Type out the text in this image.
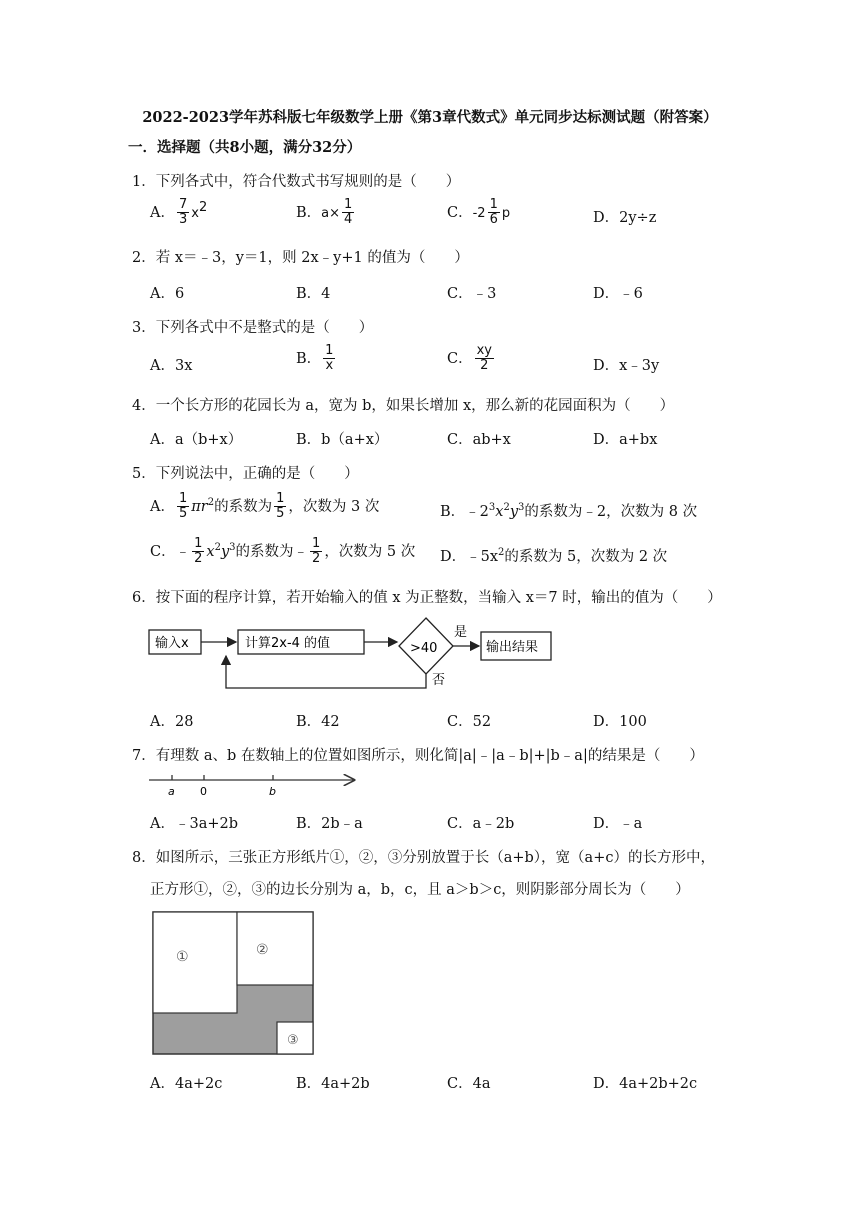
2022-2023学年苏科版七年级数学上册《第3章代数式》单元同步达标测试题（附答案）
一．选择题（共8小题，满分32分）
1．下列各式中，符合代数式书写规则的是（　　）
A． $\frac{7}{3} x^2$	B．$a\times \frac{1}{4}$	C．$-2 \frac{1}{6}$ p	D．2y÷z
2．若 x＝﹣3，y＝1，则 2x﹣y+1 的值为（　　）
A．6	B．4	C．﹣3	D．﹣6
3．下列各式中不是整式的是（　　）
A．3x	B． $\frac{1}{x}$	C． $\frac{xy}{2}$	D．x﹣3y
4．一个长方形的花园长为 a，宽为 b，如果长增加 x，那么新的花园面积为（　　）
A．a（b+x）	B．b（a+x）	C．ab+x	D．a+bx
5．下列说法中，正确的是（　　）
A． $\frac{1}{5} \pi r^2$的系数为 $\frac{1}{5}$ ，次数为 3 次	B．$﹣2^3x^2y^3$的系数为﹣2，次数为 8 次
C．﹣ $\frac{1}{2} x^2y^3$的系数为﹣ $\frac{1}{2}$ ，次数为 5 次 D．$﹣5x^2$的系数为 5，次数为 2 次
6．按下面的程序计算，若开始输入的值 x 为正整数，当输入 x＝7 时，输出的值为（　　）
输入x	计算2x-4 的值	>40
是
输出结果
否
A．28	B．42	C．52	D．100
7．有理数 a、b 在数轴上的位置如图所示，则化简|a|﹣|a﹣b|+|b﹣a|的结果是（　　）
a 0	b
A．﹣3a+2b	B．2b﹣a	C．a﹣2b	D．﹣a
8．如图所示，三张正方形纸片①，②，③分别放置于长（a+b），宽（a+c）的长方形中，
正方形①，②，③的边长分别为 a，b，c，且 a＞b＞c，则阴影部分周长为（　　）
①	②
③
A．4a+2c	B．4a+2b	C．4a	D．4a+2b+2c
